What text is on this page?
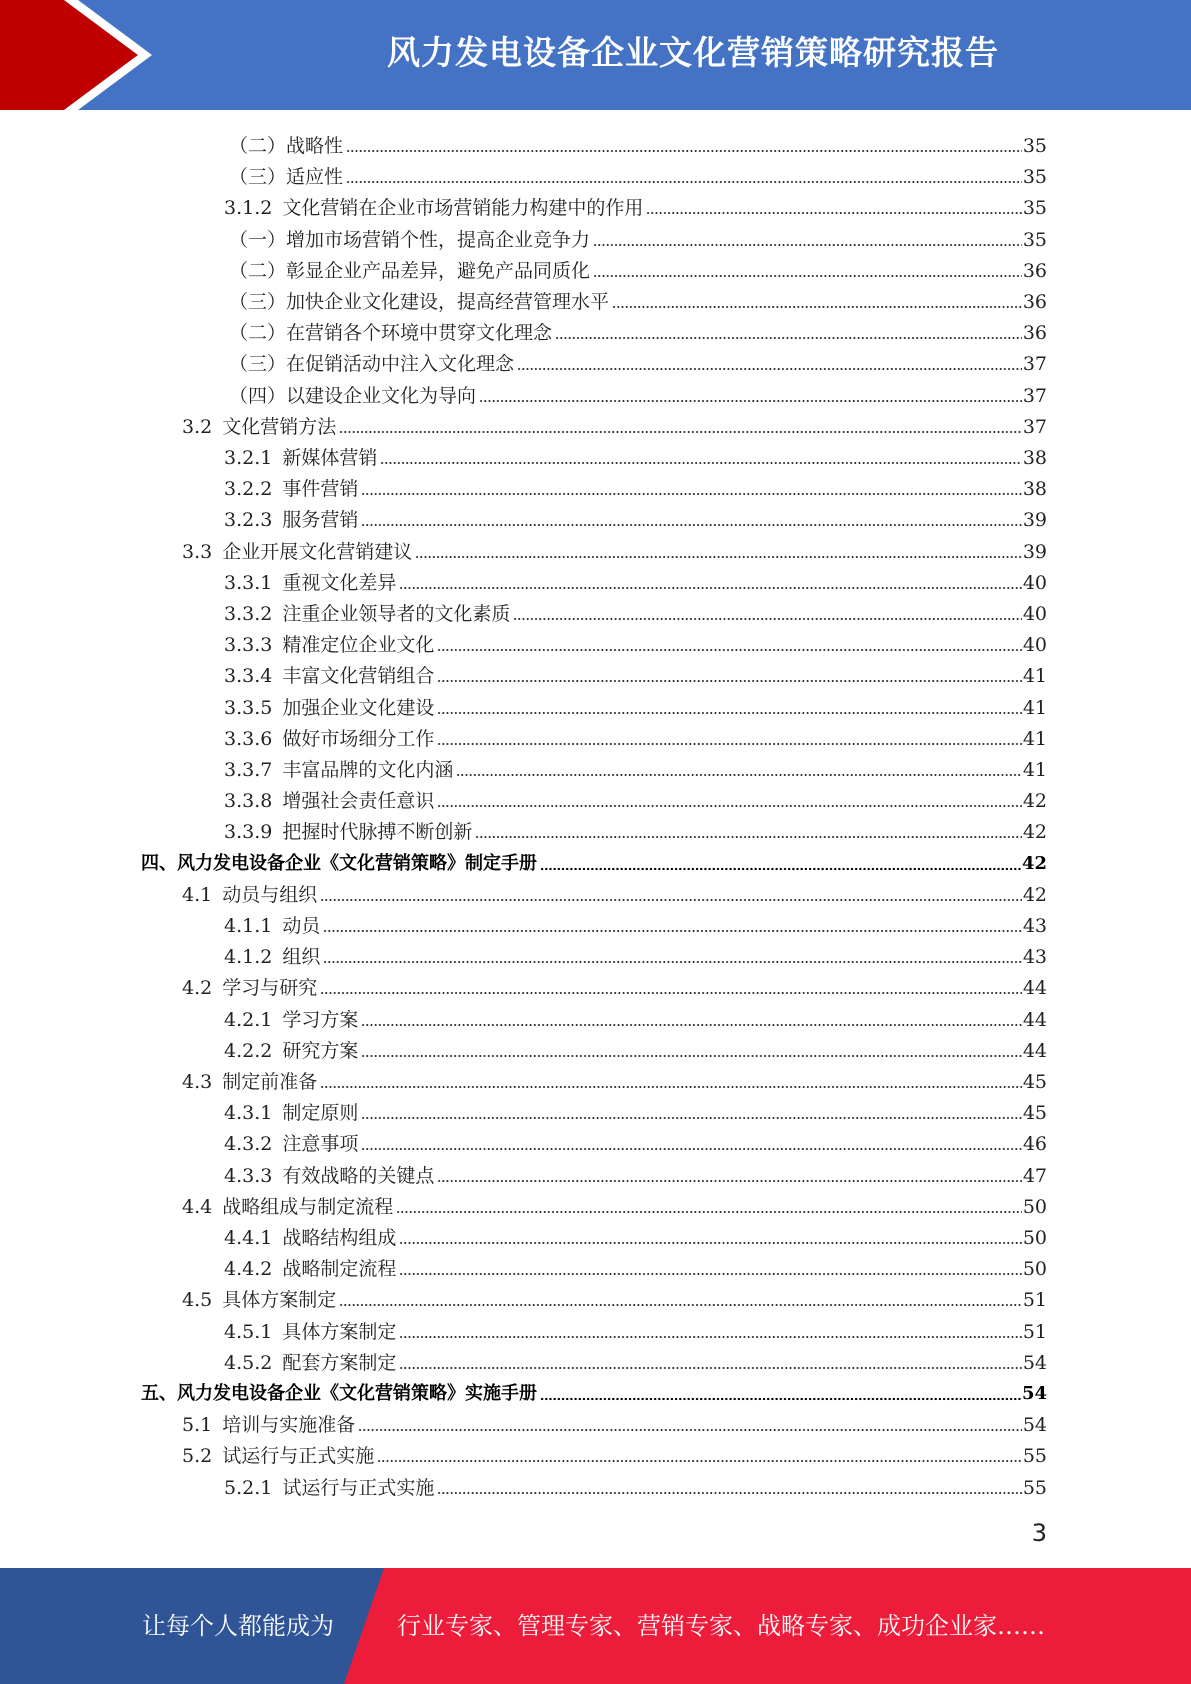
风力发电设备企业文化营销策略研究报告
（二）战略性	35
（三）适应性	35
3.1.2 文化营销在企业市场营销能力构建中的作用	35
（一）增加市场营销个性，提高企业竞争力	35
（二）彰显企业产品差异，避免产品同质化	36
（三）加快企业文化建设，提高经营管理水平	36
（二）在营销各个环境中贯穿文化理念	36
（三）在促销活动中注入文化理念	37
（四）以建设企业文化为导向	37
3.2 文化营销方法	37
3.2.1 新媒体营销	38
3.2.2 事件营销	38
3.2.3 服务营销	39
3.3 企业开展文化营销建议	39
3.3.1 重视文化差异	40
3.3.2 注重企业领导者的文化素质	40
3.3.3 精准定位企业文化	40
3.3.4 丰富文化营销组合	41
3.3.5 加强企业文化建设	41
3.3.6 做好市场细分工作	41
3.3.7 丰富品牌的文化内涵	41
3.3.8 增强社会责任意识	42
3.3.9 把握时代脉搏不断创新	42
四、风力发电设备企业《文化营销策略》制定手册	42
4.1 动员与组织	42
4.1.1 动员	43
4.1.2 组织	43
4.2 学习与研究	44
4.2.1 学习方案	44
4.2.2 研究方案	44
4.3 制定前准备	45
4.3.1 制定原则	45
4.3.2 注意事项	46
4.3.3 有效战略的关键点	47
4.4 战略组成与制定流程	50
4.4.1 战略结构组成	50
4.4.2 战略制定流程	50
4.5 具体方案制定	51
4.5.1 具体方案制定	51
4.5.2 配套方案制定	54
五、风力发电设备企业《文化营销策略》实施手册	54
5.1 培训与实施准备	54
5.2 试运行与正式实施	55
5.2.1 试运行与正式实施	55
3
让每个人都能成为	行业专家、管理专家、营销专家、战略专家、成功企业家……
